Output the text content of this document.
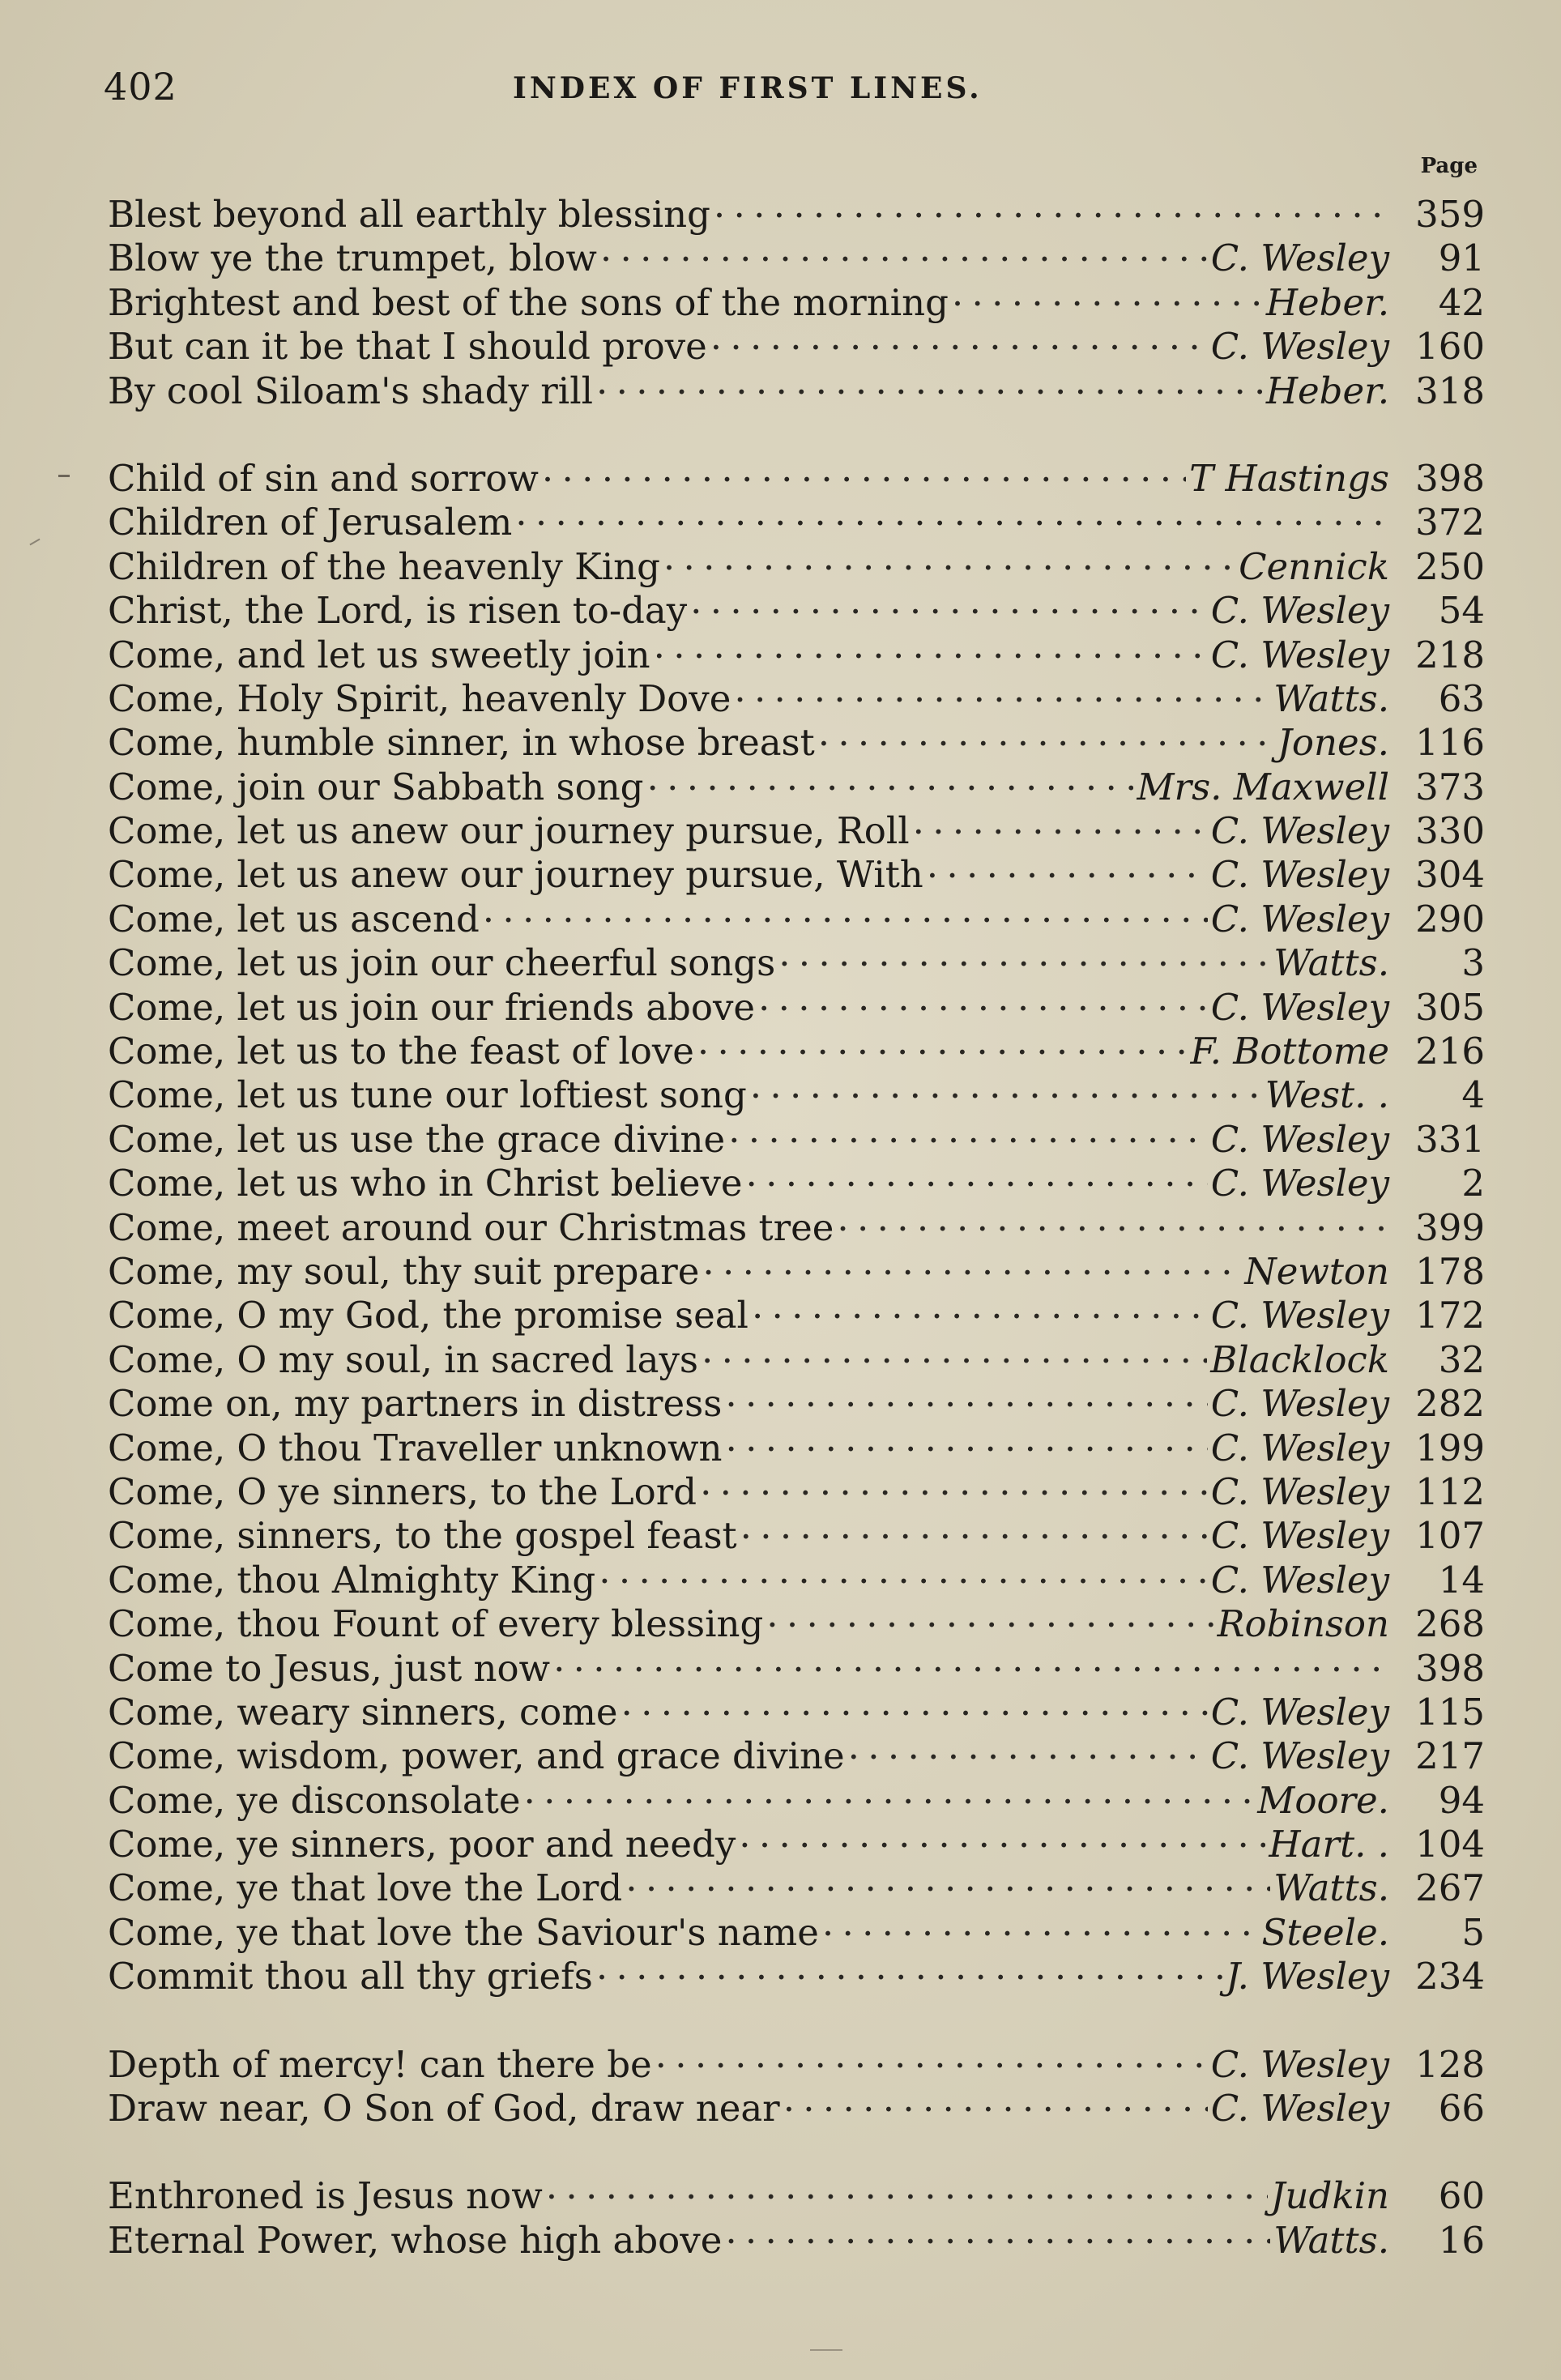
402	INDEX OF FIRST LINES.
Page
Blest beyond all earthly blessing . . .	359
Blow ye the trumpet, blow . . .	C. Wesley	91
Brightest and best of the sons of the morning . . .	Heber.	42
But can it be that I should prove . . .	C. Wesley 160
By cool Siloam's shady rill . . .	Heber. 318
Child of sin and sorrow . . .	T Hastings 398
Children of Jerusalem . . .	372
Children of the heavenly King . . .	Cennick 250
Christ, the Lord, is risen to-day . . .	C. Wesley	54
Come, and let us sweetly join . . .	C. Wesley 218
Come, Holy Spirit, heavenly Dove . . .	Watts.	63
Come, humble sinner, in whose breast . . .	Jones. 116
Come, join our Sabbath song . . .	Mrs. Maxwell 373
Come, let us anew our journey pursue, Roll . . .	C. Wesley 330
Come, let us anew our journey pursue, With . . .	C. Wesley 304
Come, let us ascend . . .	C. Wesley 290
Come, let us join our cheerful songs . . .	Watts.	3
Come, let us join our friends above . . .	C. Wesley 305
Come, let us to the feast of love . . .	F. Bottome 216
Come, let us tune our loftiest song . . .	West. .	4
Come, let us use the grace divine . . .	C. Wesley 331
Come, let us who in Christ believe . . .	C. Wesley	2
Come, meet around our Christmas tree . . .	399
Come, my soul, thy suit prepare . . .	Newton 178
Come, O my God, the promise seal . . .	C. Wesley 172
Come, O my soul, in sacred lays . . .	Blacklock	32
Come on, my partners in distress . . .	C. Wesley 282
Come, O thou Traveller unknown . . .	C. Wesley 199
Come, O ye sinners, to the Lord . . .	C. Wesley 112
Come, sinners, to the gospel feast . . .	C. Wesley 107
Come, thou Almighty King . . .	C. Wesley	14
Come, thou Fount of every blessing . . .	Robinson 268
Come to Jesus, just now . . .	398
Come, weary sinners, come . . .	C. Wesley 115
Come, wisdom, power, and grace divine . . .	C. Wesley 217
Come, ye disconsolate . . .	Moore.	94
Come, ye sinners, poor and needy . . .	Hart. . 104
Come, ye that love the Lord . . .	Watts. 267
Come, ye that love the Saviour's name . . .	Steele.	5
Commit thou all thy griefs . . .	J. Wesley 234
Depth of mercy! can there be . . .	C. Wesley 128
Draw near, O Son of God, draw near . . .	C. Wesley	66
Enthroned is Jesus now . . .	Judkin	60
Eternal Power, whose high above . . .	Watts.	16
